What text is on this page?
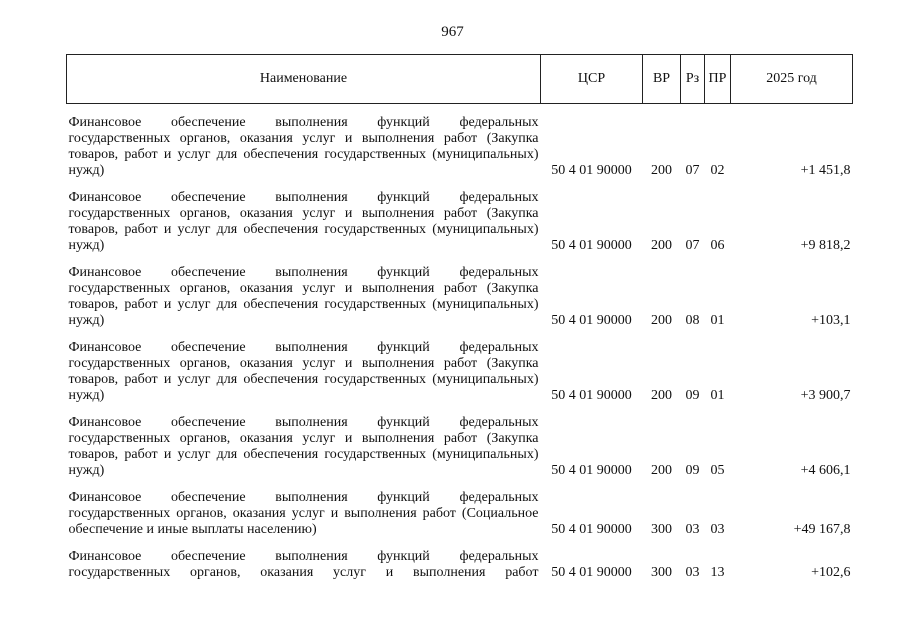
967
Наименование	ЦСР	ВР	Рз	ПР	2025 год
Финансовое обеспечение выполнения функций федеральных государственных органов, оказания услуг и выполнения работ (Закупка товаров, работ и услуг для обеспечения государственных (муниципальных) нужд)	50 4 01 90000	200	07	02	+1 451,8
Финансовое обеспечение выполнения функций федеральных государственных органов, оказания услуг и выполнения работ (Закупка товаров, работ и услуг для обеспечения государственных (муниципальных) нужд)	50 4 01 90000	200	07	06	+9 818,2
Финансовое обеспечение выполнения функций федеральных государственных органов, оказания услуг и выполнения работ (Закупка товаров, работ и услуг для обеспечения государственных (муниципальных) нужд)	50 4 01 90000	200	08	01	+103,1
Финансовое обеспечение выполнения функций федеральных государственных органов, оказания услуг и выполнения работ (Закупка товаров, работ и услуг для обеспечения государственных (муниципальных) нужд)	50 4 01 90000	200	09	01	+3 900,7
Финансовое обеспечение выполнения функций федеральных государственных органов, оказания услуг и выполнения работ (Закупка товаров, работ и услуг для обеспечения государственных (муниципальных) нужд)	50 4 01 90000	200	09	05	+4 606,1
Финансовое обеспечение выполнения функций федеральных государственных органов, оказания услуг и выполнения работ (Социальное обеспечение и иные выплаты населению)	50 4 01 90000	300	03	03	+49 167,8
Финансовое обеспечение выполнения функций федеральных государственных органов, оказания услуг и выполнения работ	50 4 01 90000	300	03	13	+102,6
